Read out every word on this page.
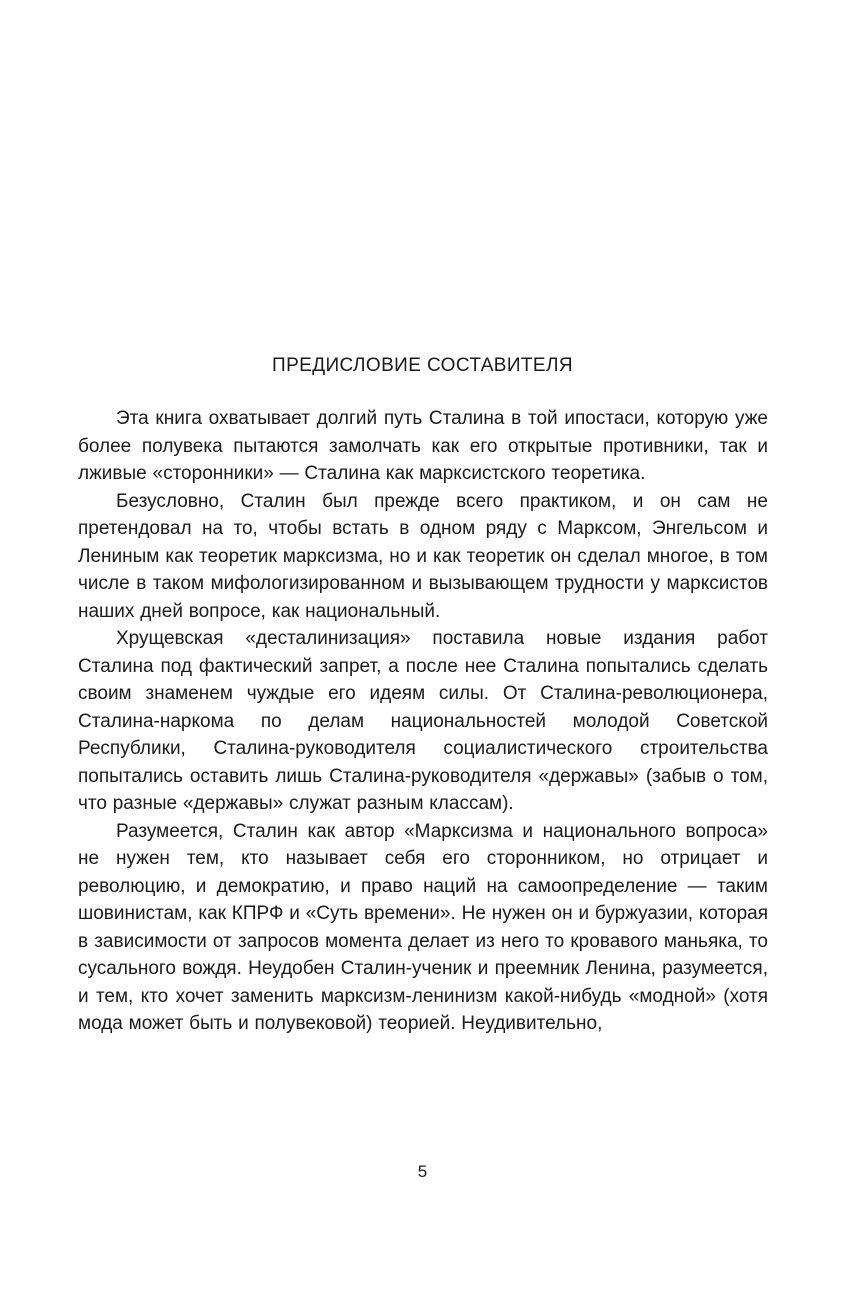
ПРЕДИСЛОВИЕ СОСТАВИТЕЛЯ

Эта книга охватывает долгий путь Сталина в той ипостаси, которую уже более полувека пытаются замолчать как его открытые противники, так и лживые «сторонники» — Сталина как марксистского теоретика.

Безусловно, Сталин был прежде всего практиком, и он сам не претендовал на то, чтобы встать в одном ряду с Марксом, Энгельсом и Лениным как теоретик марксизма, но и как теоретик он сделал многое, в том числе в таком мифологизированном и вызывающем трудности у марксистов наших дней вопросе, как национальный.

Хрущевская «десталинизация» поставила новые издания работ Сталина под фактический запрет, а после нее Сталина попытались сделать своим знаменем чуждые его идеям силы. От Сталина-революционера, Сталина-наркома по делам национальностей молодой Советской Республики, Сталина-руководителя социалистического строительства попытались оставить лишь Сталина-руководителя «державы» (забыв о том, что разные «державы» служат разным классам).

Разумеется, Сталин как автор «Марксизма и национального вопроса» не нужен тем, кто называет себя его сторонником, но отрицает и революцию, и демократию, и право наций на самоопределение — таким шовинистам, как КПРФ и «Суть времени». Не нужен он и буржуазии, которая в зависимости от запросов момента делает из него то кровавого маньяка, то сусального вождя. Неудобен Сталин-ученик и преемник Ленина, разумеется, и тем, кто хочет заменить марксизм-ленинизм какой-нибудь «модной» (хотя мода может быть и полувековой) теорией. Неудивительно,

5
